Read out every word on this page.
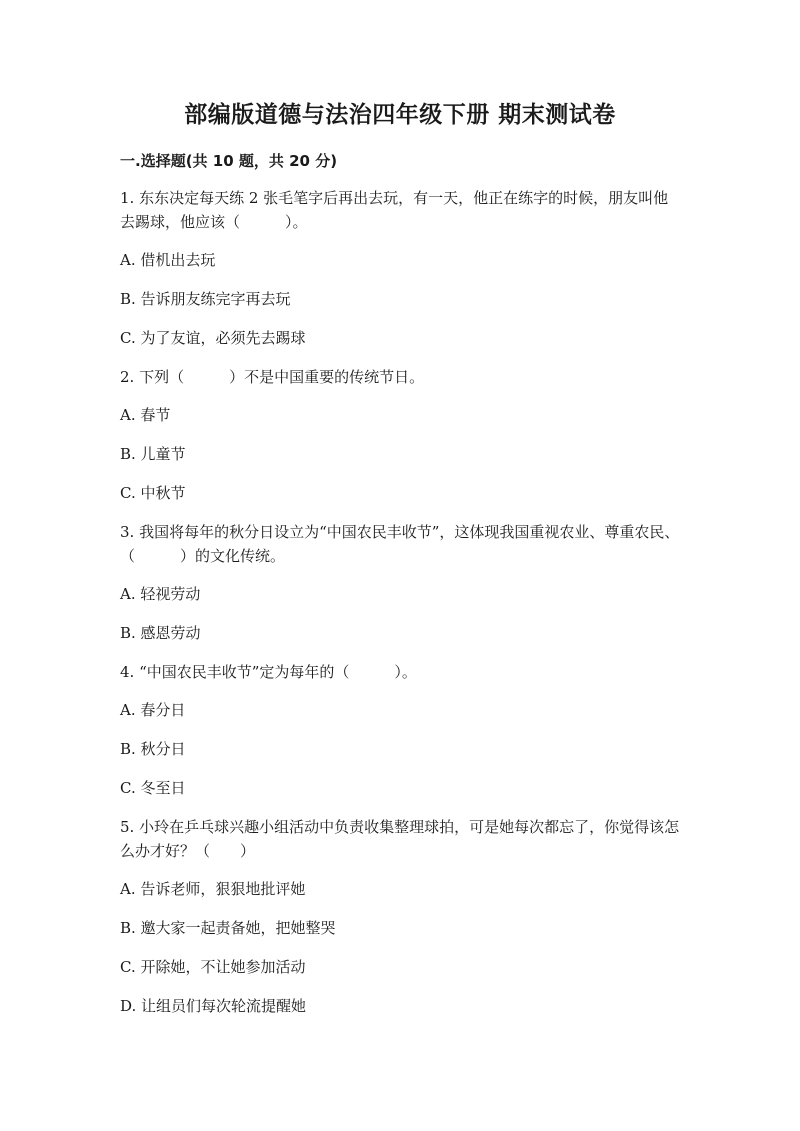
部编版道德与法治四年级下册 期末测试卷
一.选择题(共 10 题，共 20 分)

1. 东东决定每天练 2 张毛笔字后再出去玩，有一天，他正在练字的时候，朋友叫他去踢球，他应该（　　　）。

A. 借机出去玩

B. 告诉朋友练完字再去玩

C. 为了友谊，必须先去踢球

2. 下列（　　　）不是中国重要的传统节日。

A. 春节

B. 儿童节

C. 中秋节

3. 我国将每年的秋分日设立为“中国农民丰收节”，这体现我国重视农业、尊重农民、（　　　）的文化传统。

A. 轻视劳动

B. 感恩劳动

4. “中国农民丰收节”定为每年的（　　　）。

A. 春分日

B. 秋分日

C. 冬至日

5. 小玲在乒乓球兴趣小组活动中负责收集整理球拍，可是她每次都忘了，你觉得该怎么办才好？（　　）

A. 告诉老师，狠狠地批评她

B. 邀大家一起责备她，把她整哭

C. 开除她，不让她参加活动

D. 让组员们每次轮流提醒她
